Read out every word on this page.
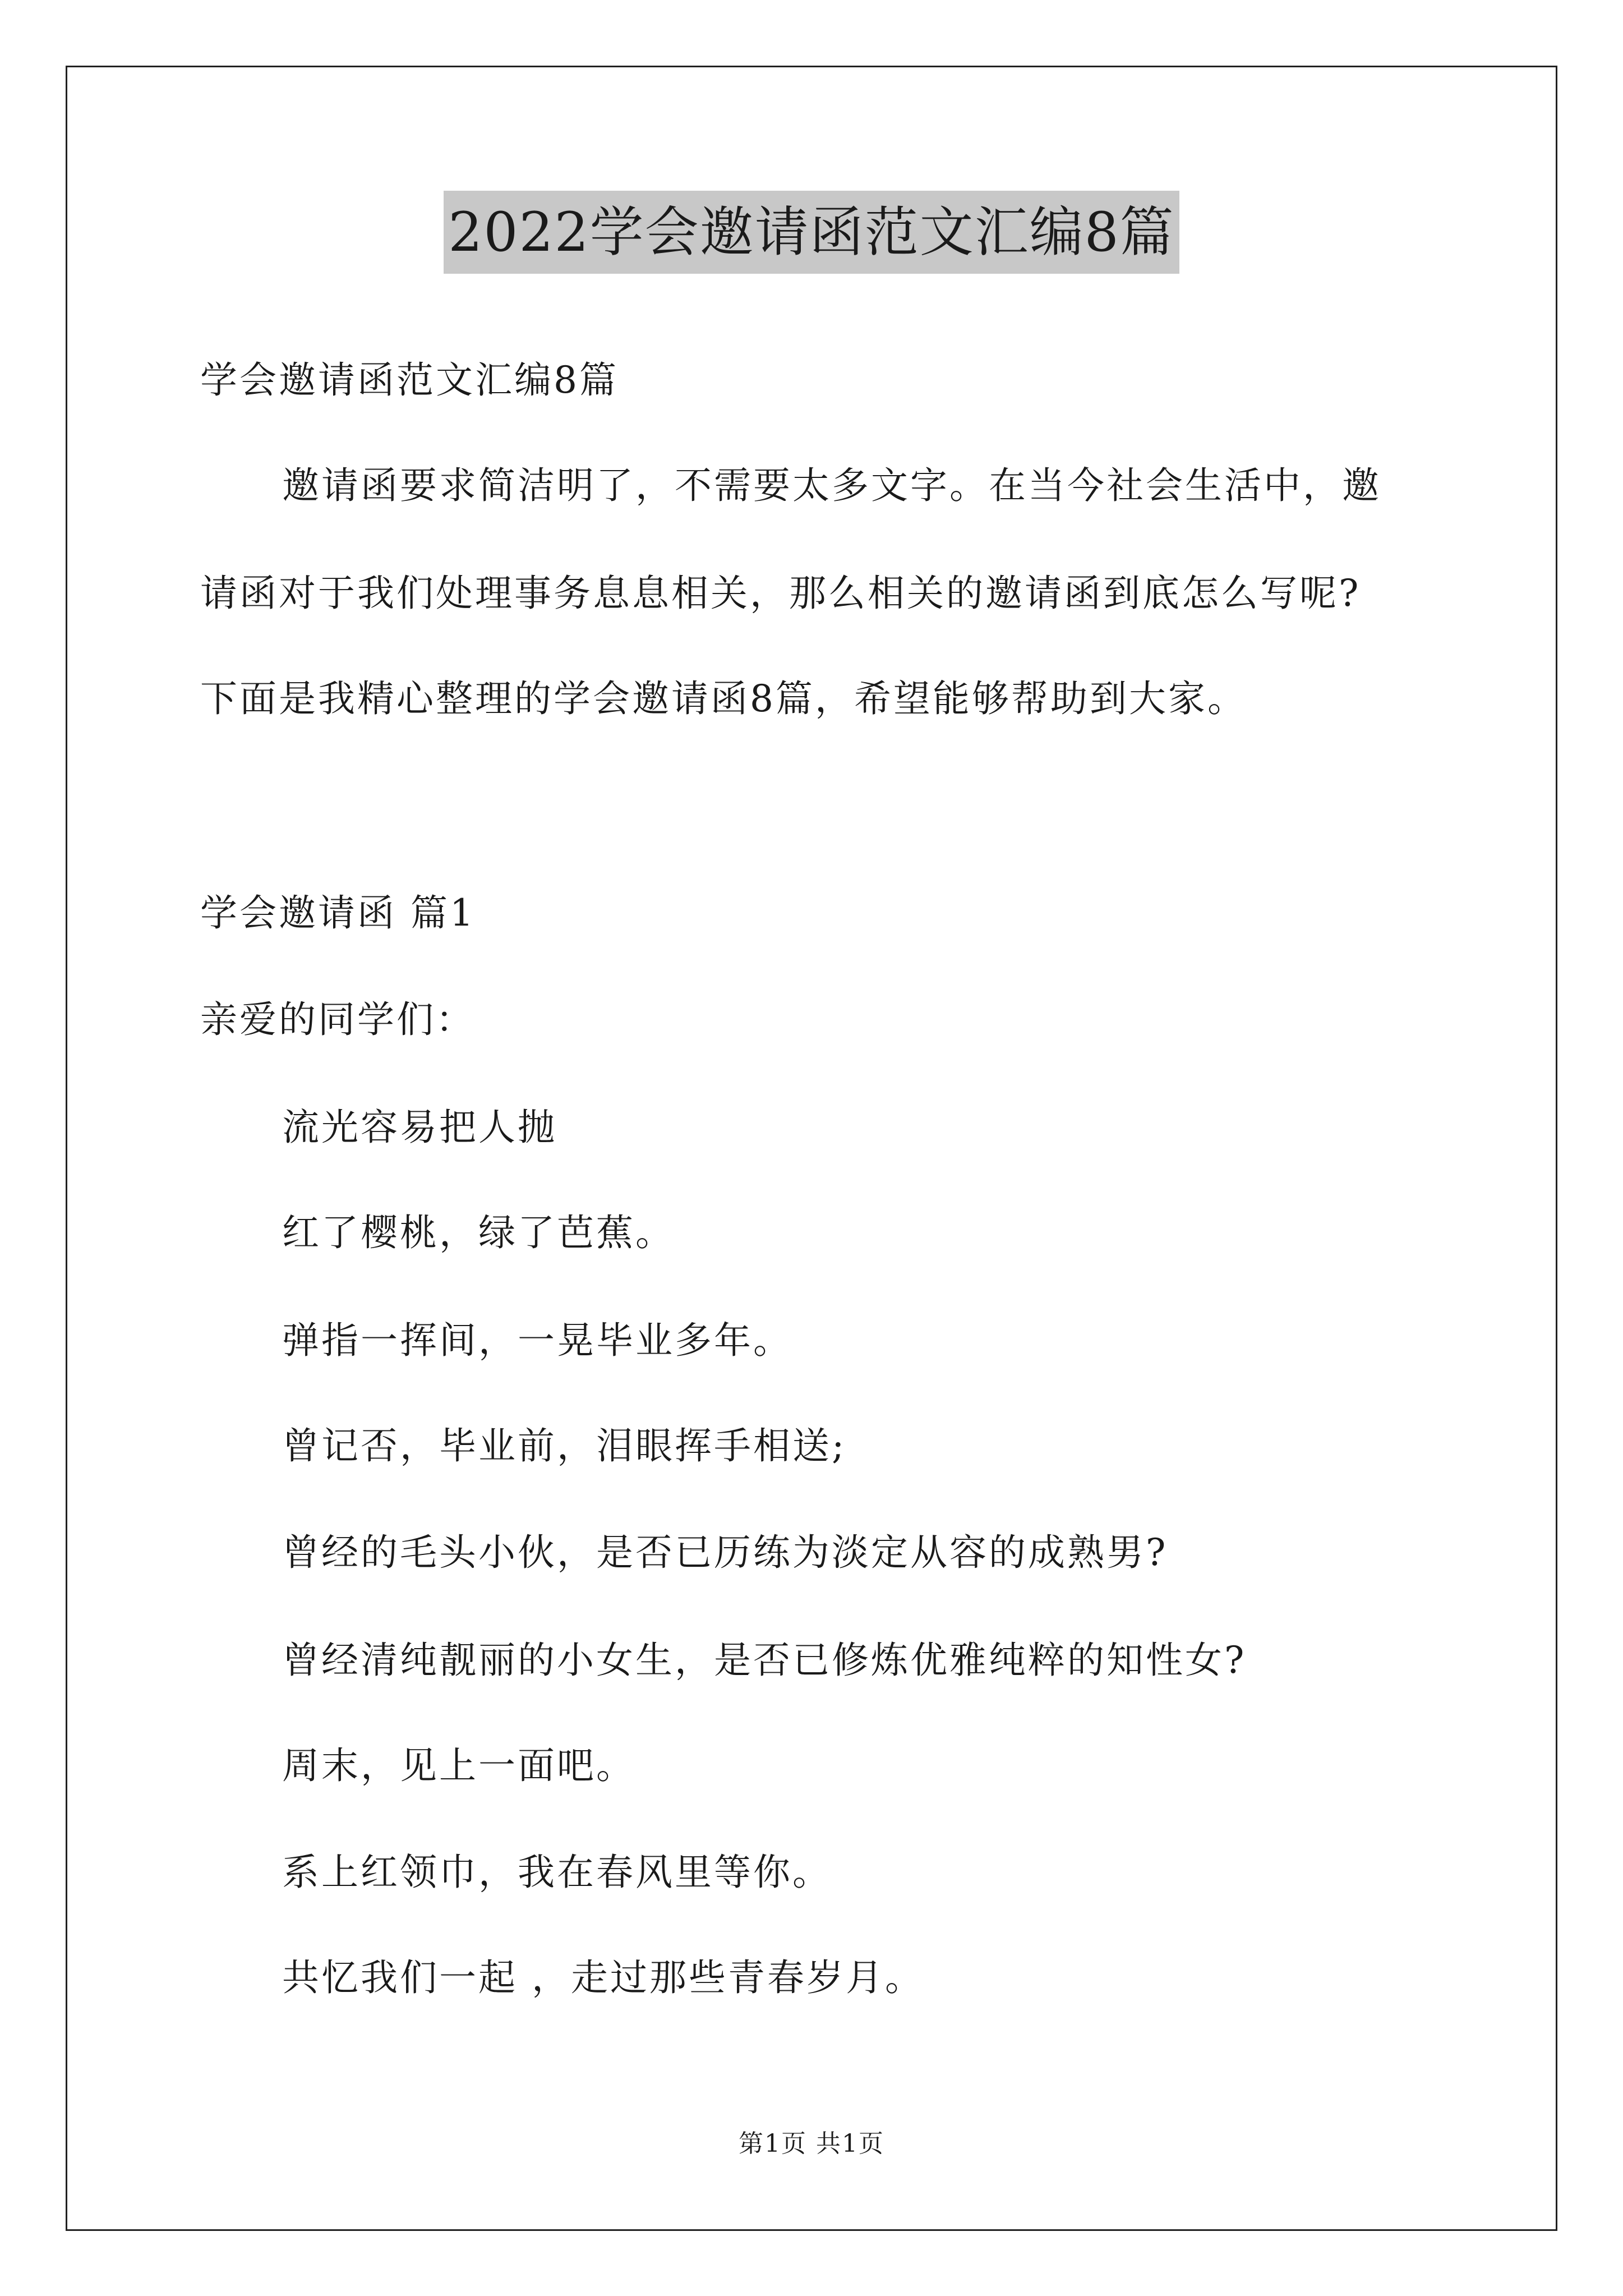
2022学会邀请函范文汇编8篇
学会邀请函范文汇编8篇
邀请函要求简洁明了，不需要太多文字。在当今社会生活中，邀
请函对于我们处理事务息息相关，那么相关的邀请函到底怎么写呢?
下面是我精心整理的学会邀请函8篇，希望能够帮助到大家。
学会邀请函 篇1
亲爱的同学们：
流光容易把人抛
红了樱桃，绿了芭蕉。
弹指一挥间，一晃毕业多年。
曾记否，毕业前，泪眼挥手相送;
曾经的毛头小伙，是否已历练为淡定从容的成熟男?
曾经清纯靓丽的小女生，是否已修炼优雅纯粹的知性女?
周末，见上一面吧。
系上红领巾，我在春风里等你。
共忆我们一起 ，走过那些青春岁月。
第1页 共1页
